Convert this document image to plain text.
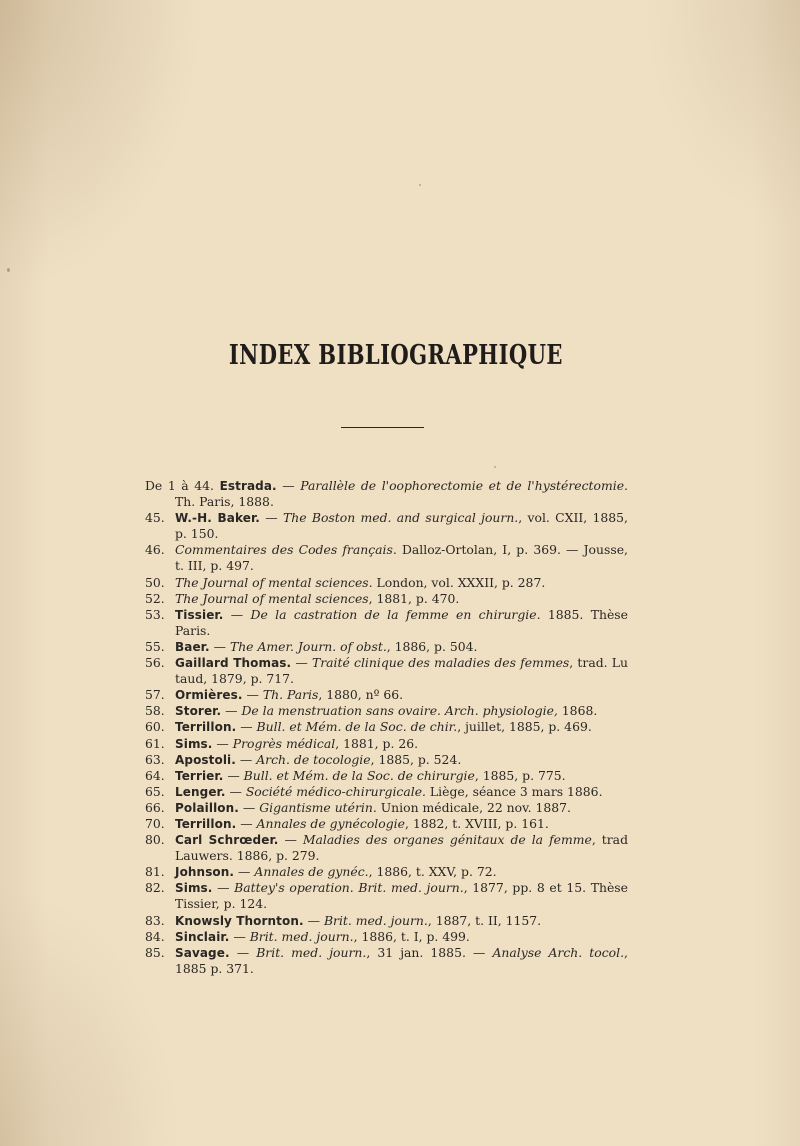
INDEX BIBLIOGRAPHIQUE
De 1 à 44. Estrada. — Parallèle de l'oophorectomie et de l'hystérectomie. Th. Paris, 1888.
45. W.-H. Baker. — The Boston med. and surgical journ., vol. CXII, 1885, p. 150.
46. Commentaires des Codes français. Dalloz-Ortolan, I, p. 369. — Jousse, t. III, p. 497.
50. The Journal of mental sciences. London, vol. XXXII, p. 287.
52. The Journal of mental sciences, 1881, p. 470.
53. Tissier. — De la castration de la femme en chirurgie. 1885. Thèse Paris.
55. Baer. — The Amer. Journ. of obst., 1886, p. 504.
56. Gaillard Thomas. — Traité clinique des maladies des femmes, trad. Lu taud, 1879, p. 717.
57. Ormières. — Th. Paris, 1880, nº 66.
58. Storer. — De la menstruation sans ovaire. Arch. physiologie, 1868.
60. Terrillon. — Bull. et Mém. de la Soc. de chir., juillet, 1885, p. 469.
61. Sims. — Progrès médical, 1881, p. 26.
63. Apostoli. — Arch. de tocologie, 1885, p. 524.
64. Terrier. — Bull. et Mém. de la Soc. de chirurgie, 1885, p. 775.
65. Lenger. — Société médico-chirurgicale. Liège, séance 3 mars 1886.
66. Polaillon. — Gigantisme utérin. Union médicale, 22 nov. 1887.
70. Terrillon. — Annales de gynécologie, 1882, t. XVIII, p. 161.
80. Carl Schrœder. — Maladies des organes génitaux de la femme, trad Lauwers. 1886, p. 279.
81. Johnson. — Annales de gynéc., 1886, t. XXV, p. 72.
82. Sims. — Battey's operation. Brit. med. journ., 1877, pp. 8 et 15. Thèse Tissier, p. 124.
83. Knowsly Thornton. — Brit. med. journ., 1887, t. II, 1157.
84. Sinclair. — Brit. med. journ., 1886, t. I, p. 499.
85. Savage. — Brit. med. journ., 31 jan. 1885. — Analyse Arch. tocol., 1885 p. 371.
